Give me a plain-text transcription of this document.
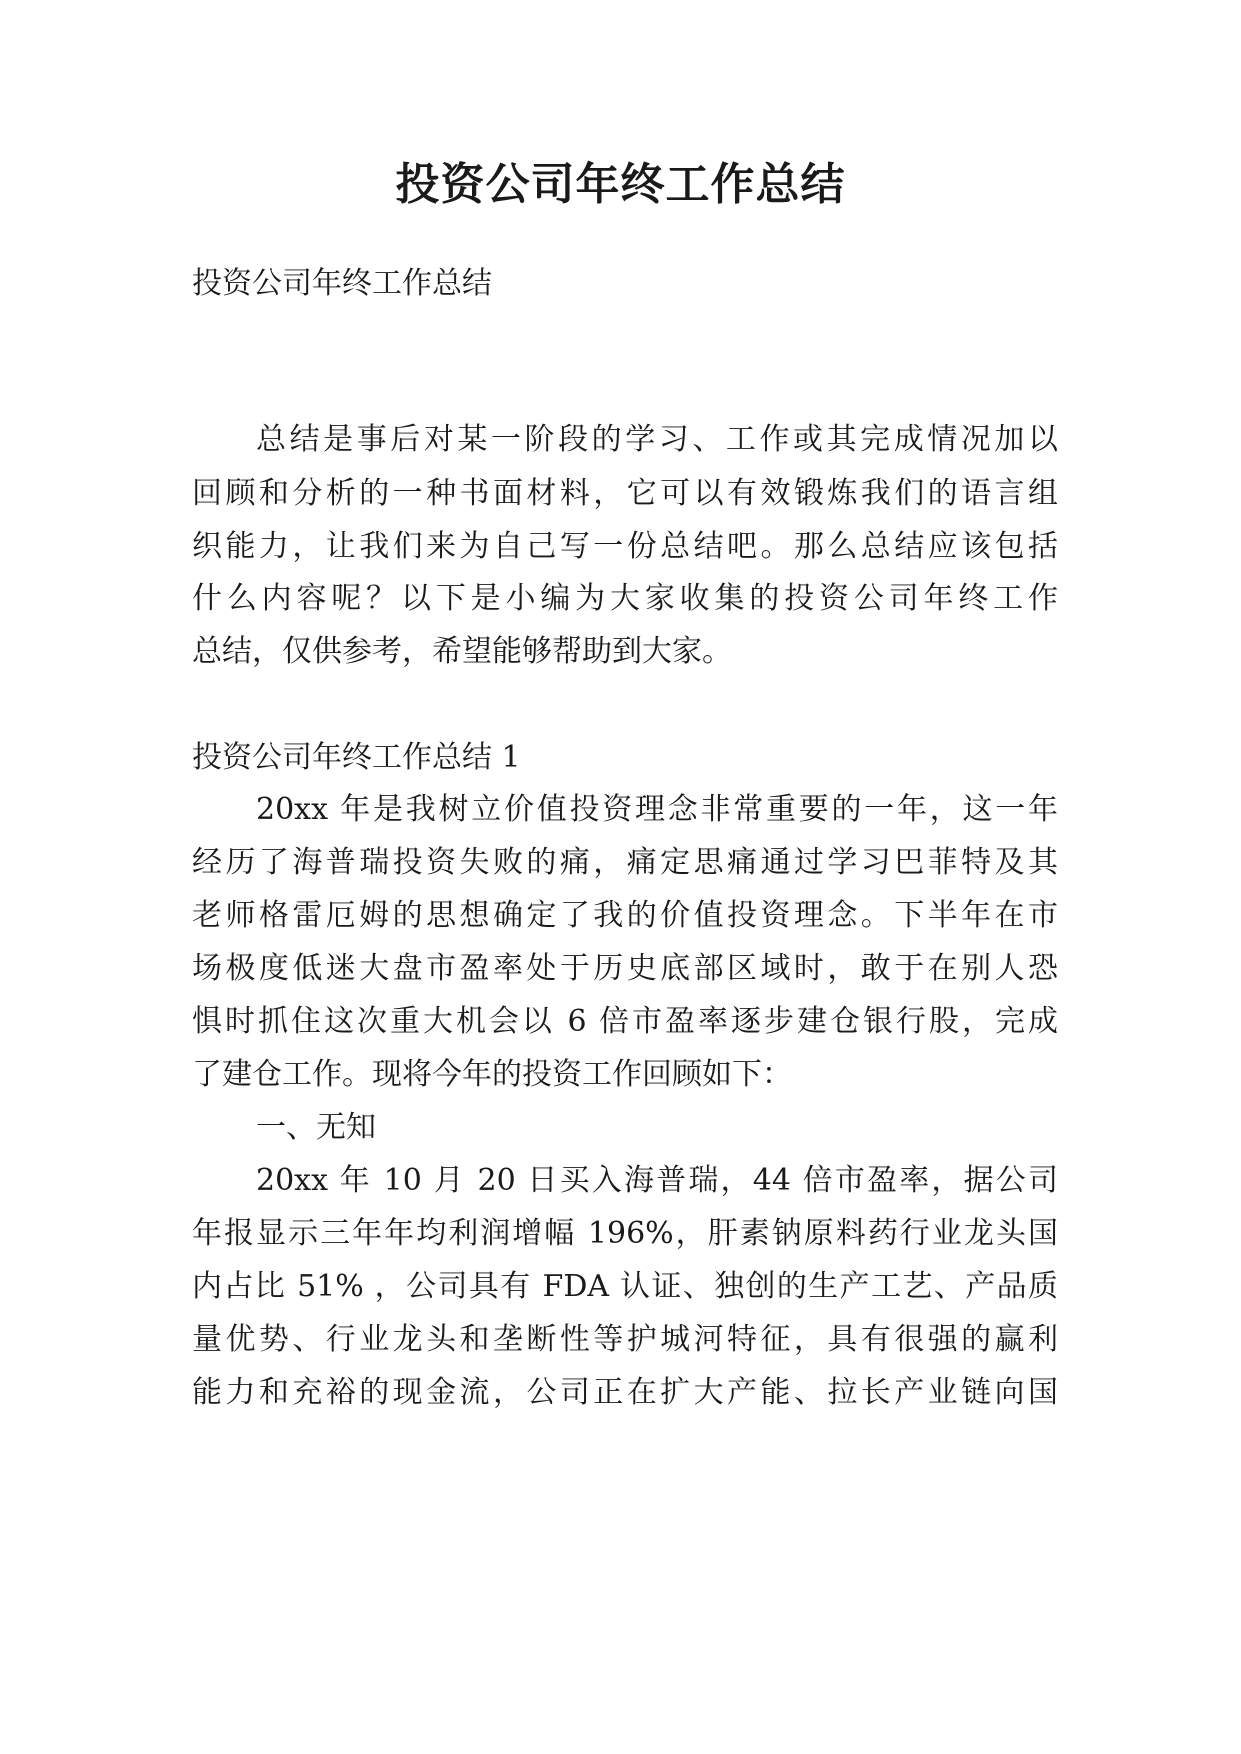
投资公司年终工作总结

投资公司年终工作总结

总结是事后对某一阶段的学习、工作或其完成情况加以

回顾和分析的一种书面材料，它可以有效锻炼我们的语言组

织能力，让我们来为自己写一份总结吧。那么总结应该包括

什么内容呢？以下是小编为大家收集的投资公司年终工作

总结，仅供参考，希望能够帮助到大家。

投资公司年终工作总结 1

20xx 年是我树立价值投资理念非常重要的一年，这一年

经历了海普瑞投资失败的痛，痛定思痛通过学习巴菲特及其

老师格雷厄姆的思想确定了我的价值投资理念。下半年在市

场极度低迷大盘市盈率处于历史底部区域时，敢于在别人恐

惧时抓住这次重大机会以 6 倍市盈率逐步建仓银行股，完成

了建仓工作。现将今年的投资工作回顾如下：

一、无知

20xx 年 10 月 20 日买入海普瑞，44 倍市盈率，据公司

年报显示三年年均利润增幅 196%，肝素钠原料药行业龙头国

内占比 51% ，公司具有 FDA 认证、独创的生产工艺、产品质

量优势、行业龙头和垄断性等护城河特征，具有很强的赢利

能力和充裕的现金流，公司正在扩大产能、拉长产业链向国
